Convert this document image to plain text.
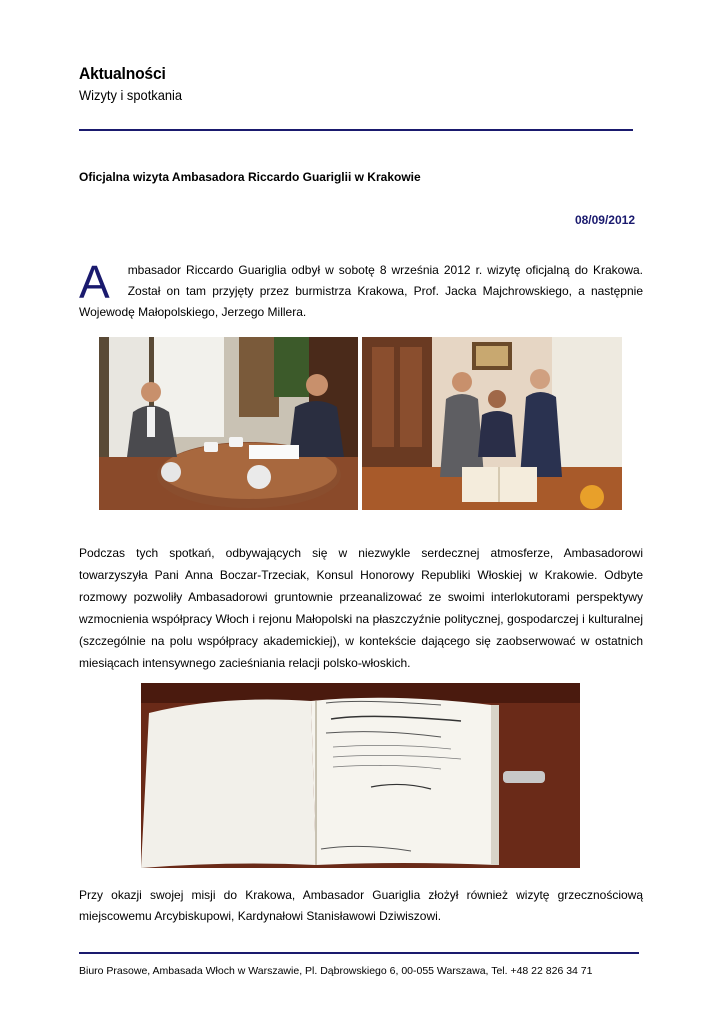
Aktualności
Wizyty i spotkania
Oficjalna wizyta Ambasadora Riccardo Guariglii w Krakowie
08/09/2012

A mbasador Riccardo Guariglia odbył w sobotę 8 września 2012 r. wizytę oficjalną do Krakowa. Został on tam przyjęty przez burmistrza Krakowa, Prof. Jacka Majchrowskiego, a następnie Wojewodę Małopolskiego, Jerzego Millera.

Podczas tych spotkań, odbywających się w niezwykle serdecznej atmosferze, Ambasadorowi towarzyszyła Pani Anna Boczar-Trzeciak, Konsul Honorowy Republiki Włoskiej w Krakowie. Odbyte rozmowy pozwoliły Ambasadorowi gruntownie przeanalizować ze swoimi interlokutorami perspektywy wzmocnienia współpracy Włoch i rejonu Małopolski na płaszczyźnie politycznej, gospodarczej i kulturalnej (szczególnie na polu współpracy akademickiej), w kontekście dającego się zaobserwować w ostatnich miesiącach intensywnego zacieśniania relacji polsko-włoskich.

Przy okazji swojej misji do Krakowa, Ambasador Guariglia złożył również wizytę grzecznościową miejscowemu Arcybiskupowi, Kardynałowi Stanisławowi Dziwiszowi.

Biuro Prasowe, Ambasada Włoch w Warszawie, Pl. Dąbrowskiego 6, 00-055 Warszawa, Tel. +48 22 826 34 71
